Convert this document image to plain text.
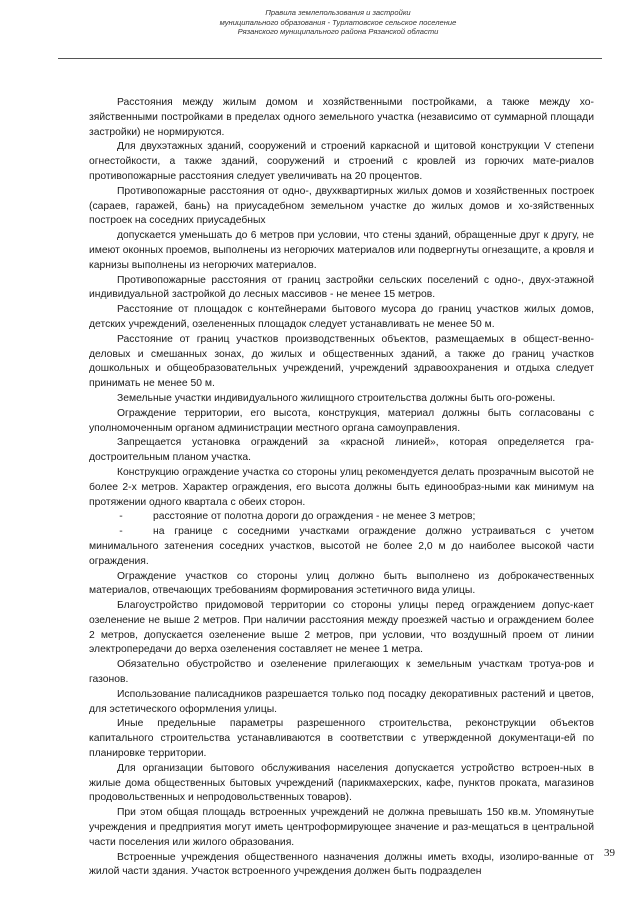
Правила землепользования и застройки
муниципального образования - Турлатовское сельское поселение
Рязанского муниципального района Рязанской области

Расстояния между жилым домом и хозяйственными постройками, а также между хо-зяйственными постройками в пределах одного земельного участка (независимо от суммарной площади застройки) не нормируются.

Для двухэтажных зданий, сооружений и строений каркасной и щитовой конструкции V степени огнестойкости, а также зданий, сооружений и строений с кровлей из горючих мате-риалов противопожарные расстояния следует увеличивать на 20 процентов.

Противопожарные расстояния от одно-, двухквартирных жилых домов и хозяйственных построек (сараев, гаражей, бань) на приусадебном земельном участке до жилых домов и хо-зяйственных построек на соседних приусадебных

допускается уменьшать до 6 метров при условии, что стены зданий, обращенные друг к другу, не имеют оконных проемов, выполнены из негорючих материалов или подвергнуты огнезащите, а кровля и карнизы выполнены из негорючих материалов.

Противопожарные расстояния от границ застройки сельских поселений с одно-, двух-этажной индивидуальной застройкой до лесных массивов - не менее 15 метров.

Расстояние от площадок с контейнерами бытового мусора до границ участков жилых домов, детских учреждений, озелененных площадок следует устанавливать не менее 50 м.

Расстояние от границ участков производственных объектов, размещаемых в общест-венно-деловых и смешанных зонах, до жилых и общественных зданий, а также до границ участков дошкольных и общеобразовательных учреждений, учреждений здравоохранения и отдыха следует принимать не менее 50 м.

Земельные участки индивидуального жилищного строительства должны быть ого-рожены.

Ограждение территории, его высота, конструкция, материал должны быть согласованы с уполномоченным органом администрации местного органа самоуправления.

Запрещается установка ограждений за «красной линией», которая определяется гра-достроительным планом участка.

Конструкцию ограждение участка со стороны улиц рекомендуется делать прозрачным высотой не более 2-х метров. Характер ограждения, его высота должны быть единообраз-ными как минимум на протяжении одного квартала с обеих сторон.

-	расстояние от полотна дороги до ограждения - не менее 3 метров;

-	на границе с соседними участками ограждение должно устраиваться с учетом минимального затенения соседних участков, высотой не более 2,0 м до наиболее высокой части ограждения.

Ограждение участков со стороны улиц должно быть выполнено из доброкачественных материалов, отвечающих требованиям формирования эстетичного вида улицы.

Благоустройство придомовой территории со стороны улицы перед ограждением допус-кает озеленение не выше 2 метров. При наличии расстояния между проезжей частью и ограждением более 2 метров, допускается озеленение выше 2 метров, при условии, что воздушный проем от линии электропередачи до верха озеленения составляет не менее 1 метра.

Обязательно обустройство и озеленение прилегающих к земельным участкам тротуа-ров и газонов.

Использование палисадников разрешается только под посадку декоративных растений и цветов, для эстетического оформления улицы.

Иные предельные параметры разрешенного строительства, реконструкции объектов капитального строительства устанавливаются в соответствии с утвержденной документаци-ей по планировке территории.

Для организации бытового обслуживания населения допускается устройство встроен-ных в жилые дома общественных бытовых учреждений (парикмахерских, кафе, пунктов проката, магазинов продовольственных и непродовольственных товаров).

При этом общая площадь встроенных учреждений не должна превышать 150 кв.м. Упомянутые учреждения и предприятия могут иметь центроформирующее значение и раз-мещаться в центральной части поселения или жилого образования.

Встроенные учреждения общественного назначения должны иметь входы, изолиро-ванные от жилой части здания. Участок встроенного учреждения должен быть подразделен

39
